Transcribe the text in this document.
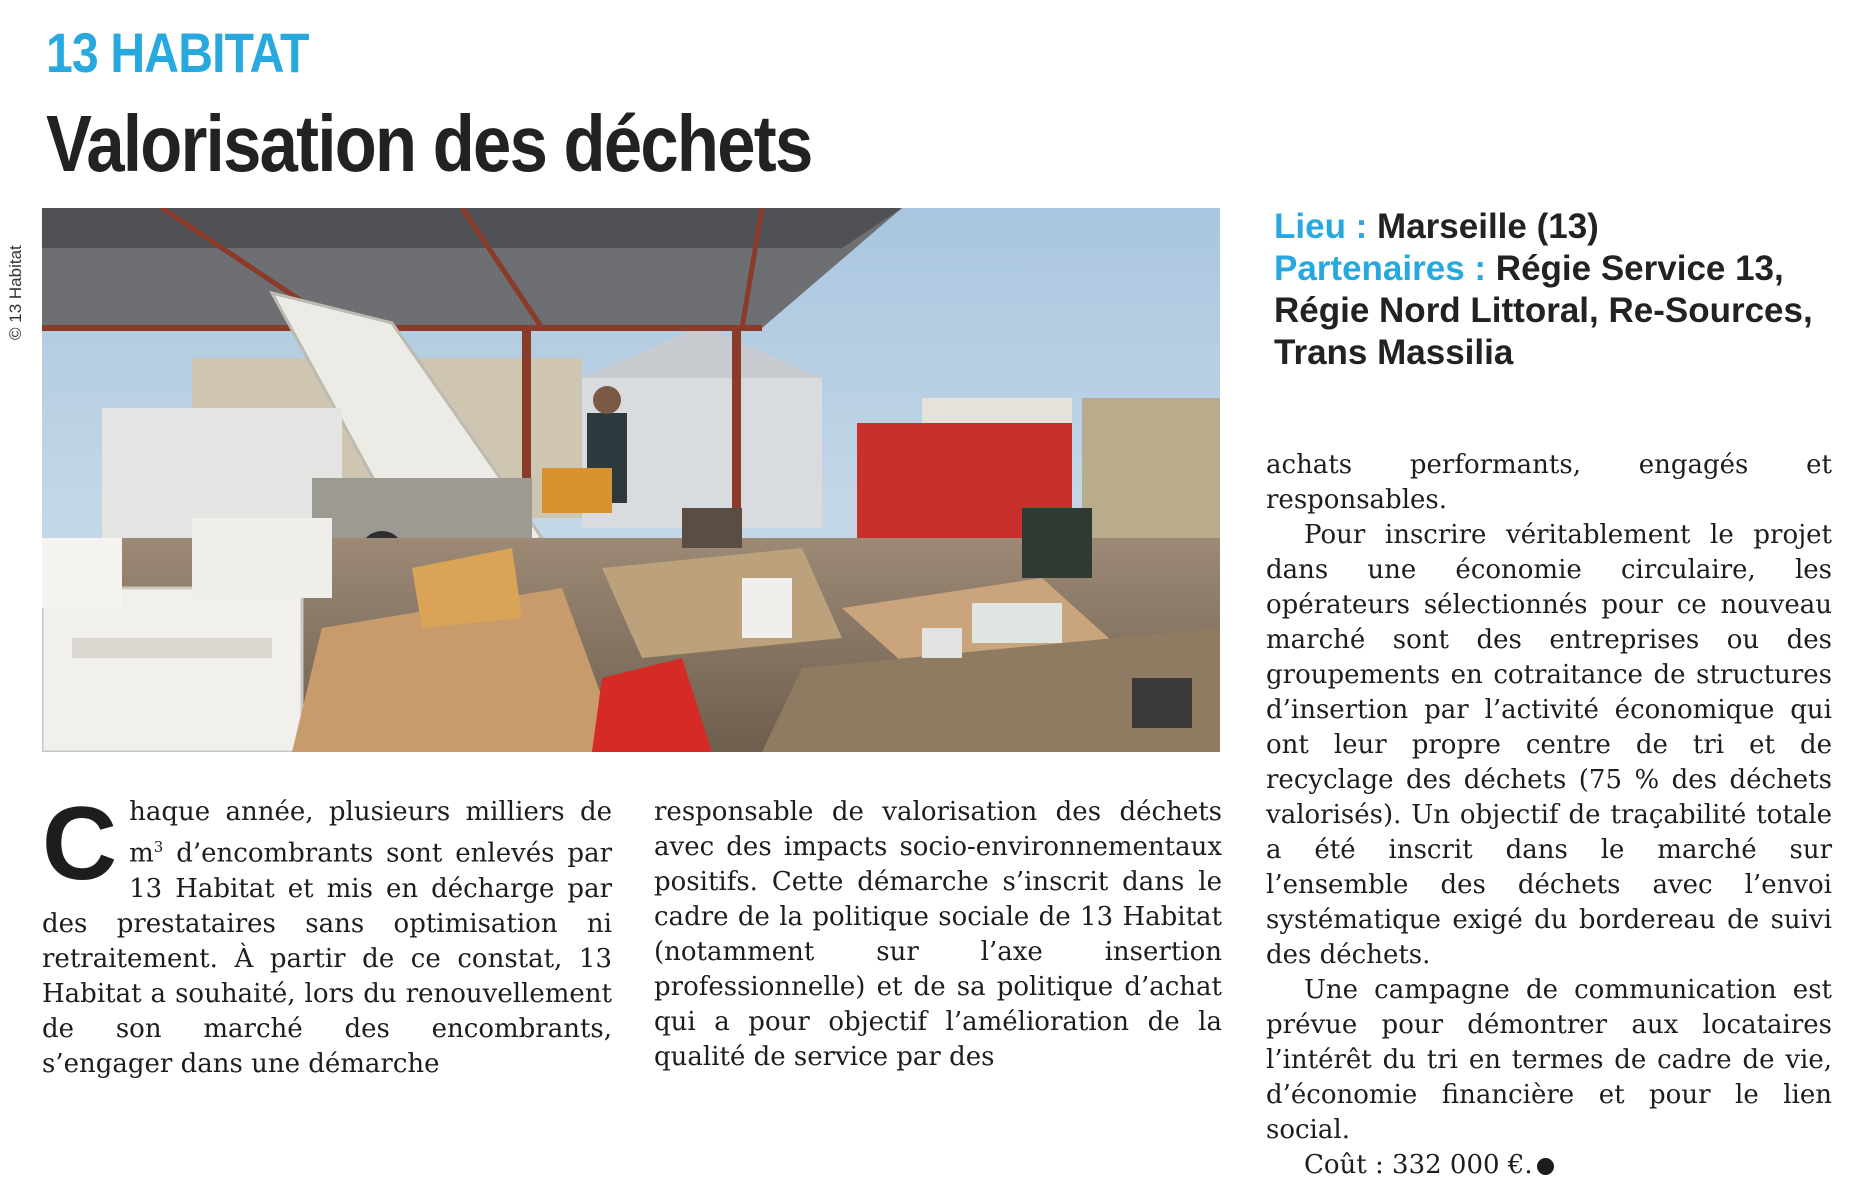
13 HABITAT
Valorisation des déchets
© 13 Habitat
Lieu : Marseille (13)
Partenaires : Régie Service 13, Régie Nord Littoral, Re-Sources, Trans Massilia

Chaque année, plusieurs milliers de $m^3$ d’encombrants sont enlevés par 13 Habitat et mis en décharge par des prestataires sans optimisation ni retraitement. À partir de ce constat, 13 Habitat a souhaité, lors du renouvellement de son marché des encombrants, s’engager dans une démarche

responsable de valorisation des déchets avec des impacts socio-environnementaux positifs. Cette démarche s’inscrit dans le cadre de la politique sociale de 13 Habitat (notamment sur l’axe insertion professionnelle) et de sa politique d’achat qui a pour objectif l’amélioration de la qualité de service par des

achats performants, engagés et responsables.

Pour inscrire véritablement le projet dans une économie circulaire, les opérateurs sélectionnés pour ce nouveau marché sont des entreprises ou des groupements en cotraitance de structures d’insertion par l’activité économique qui ont leur propre centre de tri et de recyclage des déchets (75 % des déchets valorisés). Un objectif de traçabilité totale a été inscrit dans le marché sur l’ensemble des déchets avec l’envoi systématique exigé du bordereau de suivi des déchets.

Une campagne de communication est prévue pour démontrer aux locataires l’intérêt du tri en termes de cadre de vie, d’économie financière et pour le lien social.

Coût : 332 000 €.
